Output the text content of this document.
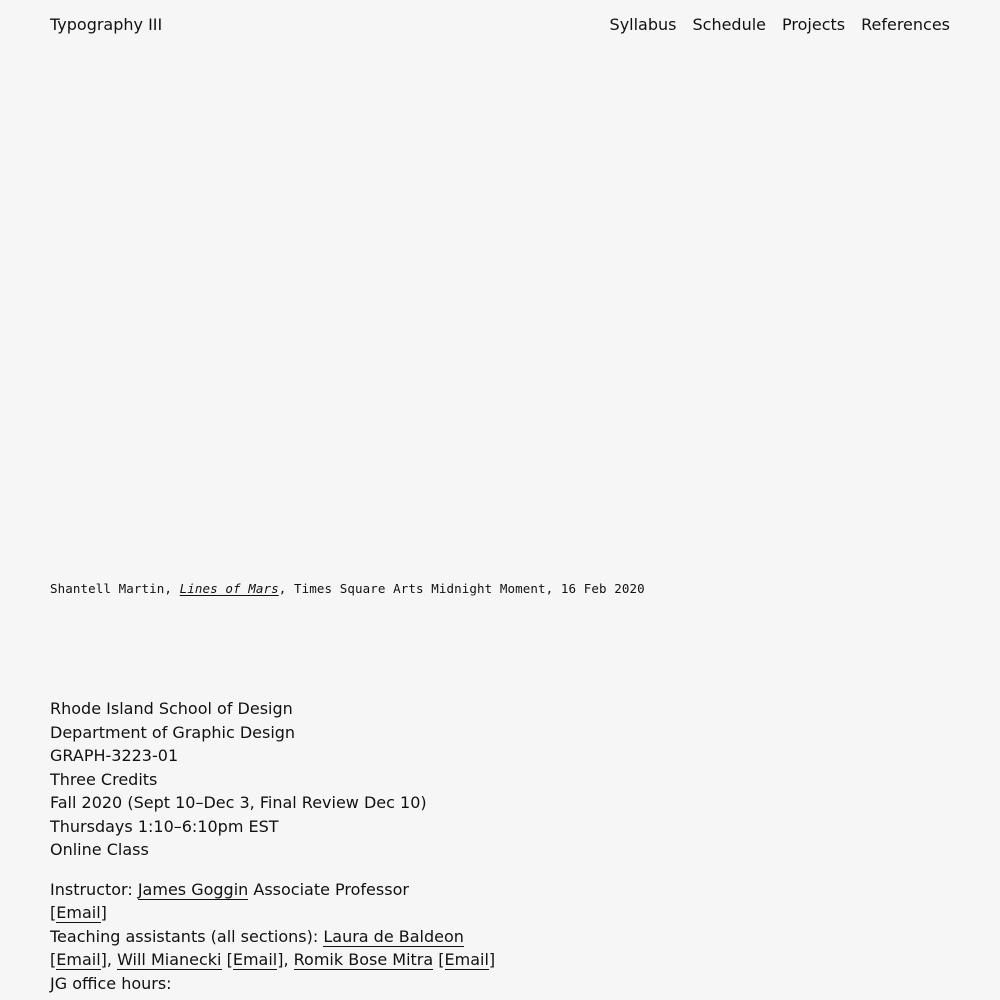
Typography III	Syllabus Schedule Projects References
Shantell Martin, Lines of Mars, Times Square Arts Midnight Moment, 16 Feb 2020
Rhode Island School of Design
Department of Graphic Design
GRAPH-3223-01
Three Credits
Fall 2020 (Sept 10–Dec 3, Final Review Dec 10)
Thursdays 1:10–6:10pm EST
Online Class
Instructor: James Goggin Associate Professor
[Email]
Teaching assistants (all sections): Laura de Baldeon
[Email], Will Mianecki [Email], Romik Bose Mitra [Email]
JG office hours:
